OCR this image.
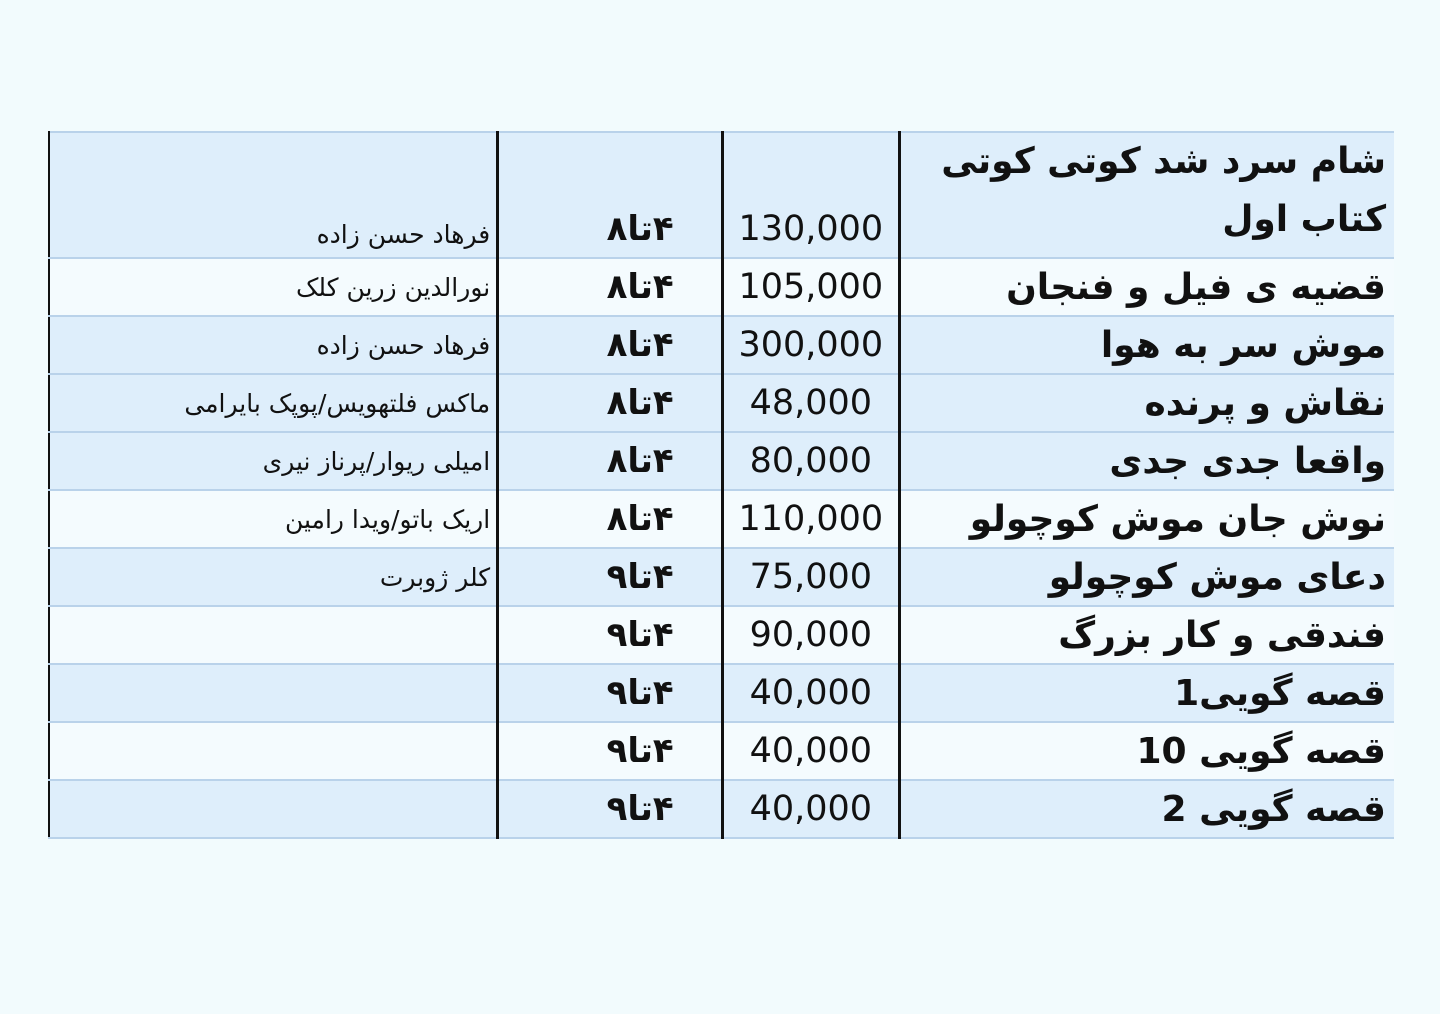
شام سرد شد کوتی کوتی
کتاب اول	130,000	۴تا۸	فرهاد حسن زاده

قضیه ی فیل و فنجان	105,000	۴تا۸	نورالدین زرین کلک

موش سر به هوا	300,000	۴تا۸	فرهاد حسن زاده

نقاش و پرنده	48,000	۴تا۸	ماکس فلتهویس/پوپک بایرامی

واقعا جدی جدی	80,000	۴تا۸	امیلی ریوار/پرناز نیری

نوش جان موش کوچولو	110,000	۴تا۸	اریک باتو/ویدا رامین

دعای موش کوچولو	75,000	۴تا۹	کلر ژوبرت

فندقی و کار بزرگ	90,000	۴تا۹	

قصه گویی1	40,000	۴تا۹	

قصه گویی 10	40,000	۴تا۹	

قصه گویی 2	40,000	۴تا۹	
